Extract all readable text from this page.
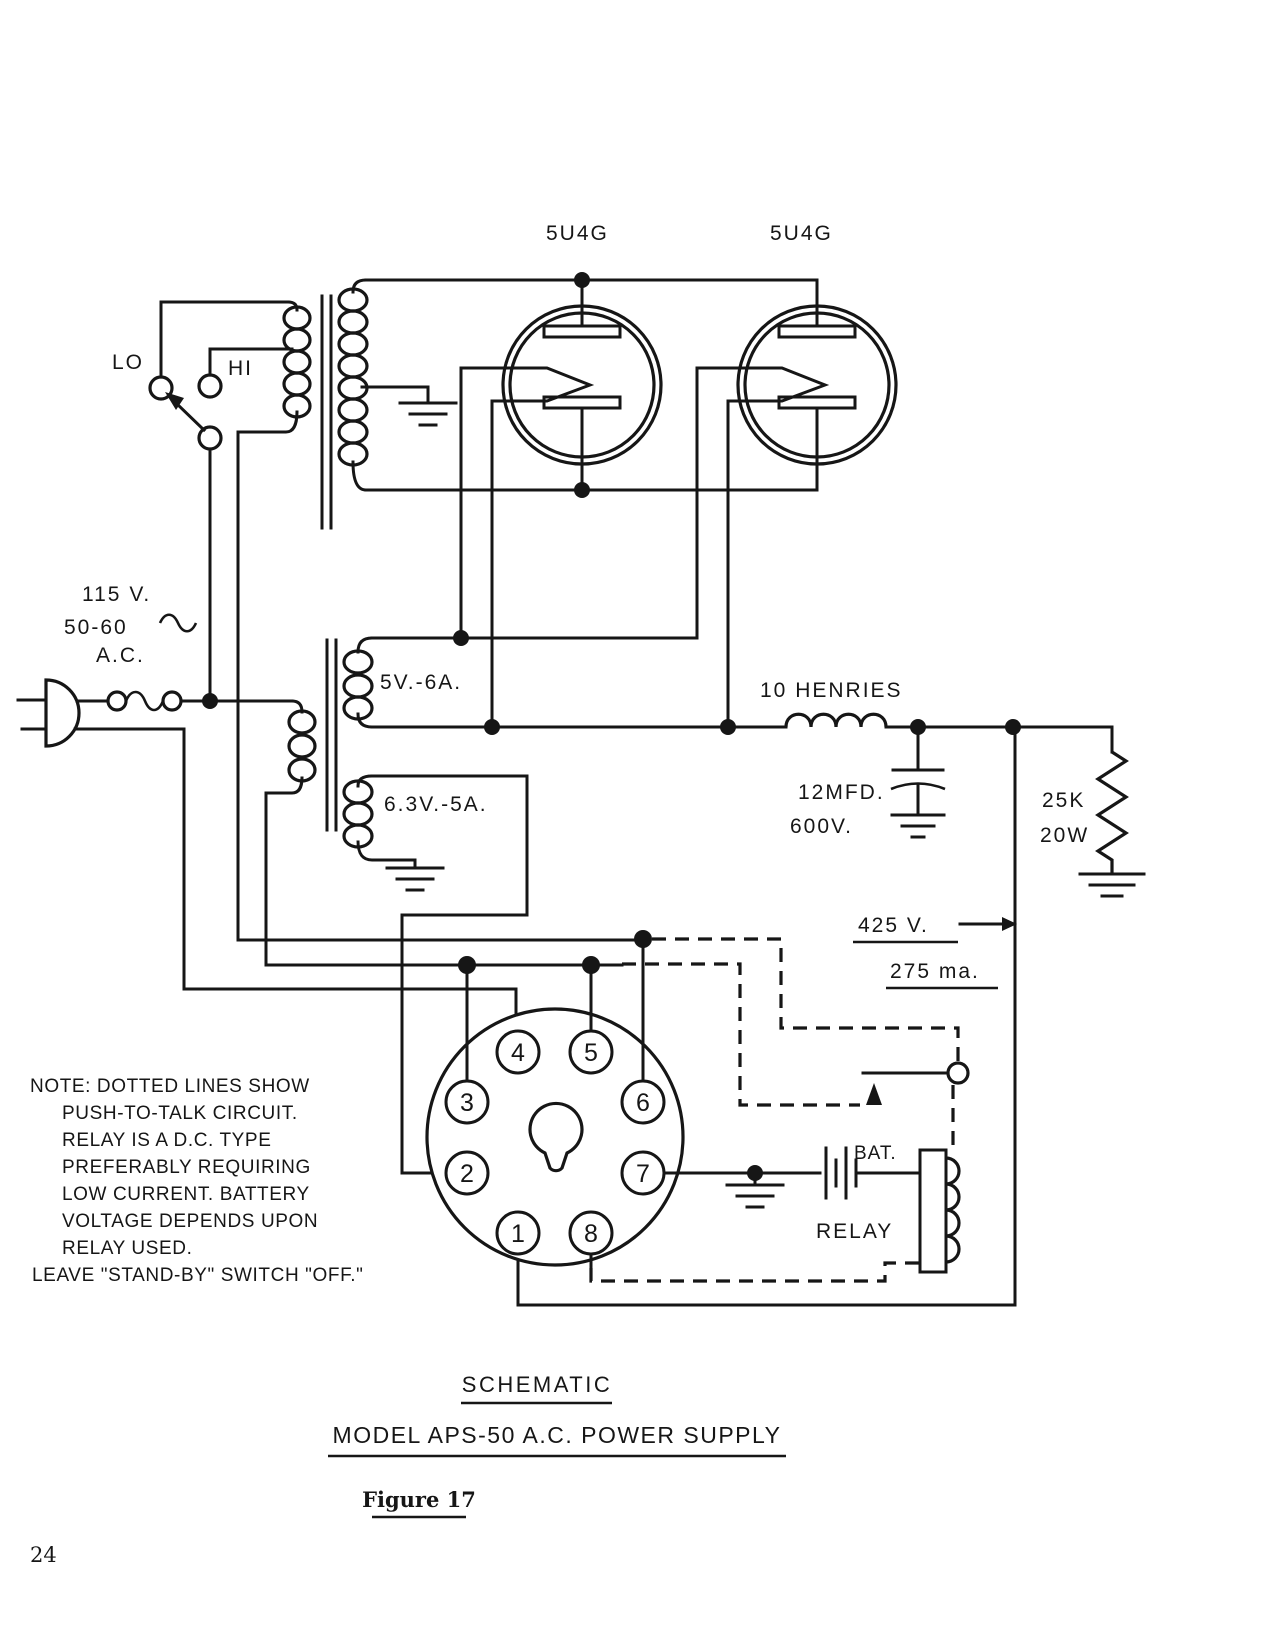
1
2
3
4 5
6
7
8
5U4G	5U4G
LO	HI
115 V.
50-60
A.C.
5V.-6A.
6.3V.-5A.
10 HENRIES
12MFD.
600V.
25K
20W
425 V.
275 ma.
BAT.
RELAY
NOTE: DOTTED LINES SHOW
PUSH-TO-TALK CIRCUIT.
RELAY IS A D.C. TYPE
PREFERABLY REQUIRING
LOW CURRENT. BATTERY
VOLTAGE DEPENDS UPON
RELAY USED.
LEAVE "STAND-BY" SWITCH "OFF."
SCHEMATIC
MODEL APS-50 A.C. POWER SUPPLY
Figure 17
24
